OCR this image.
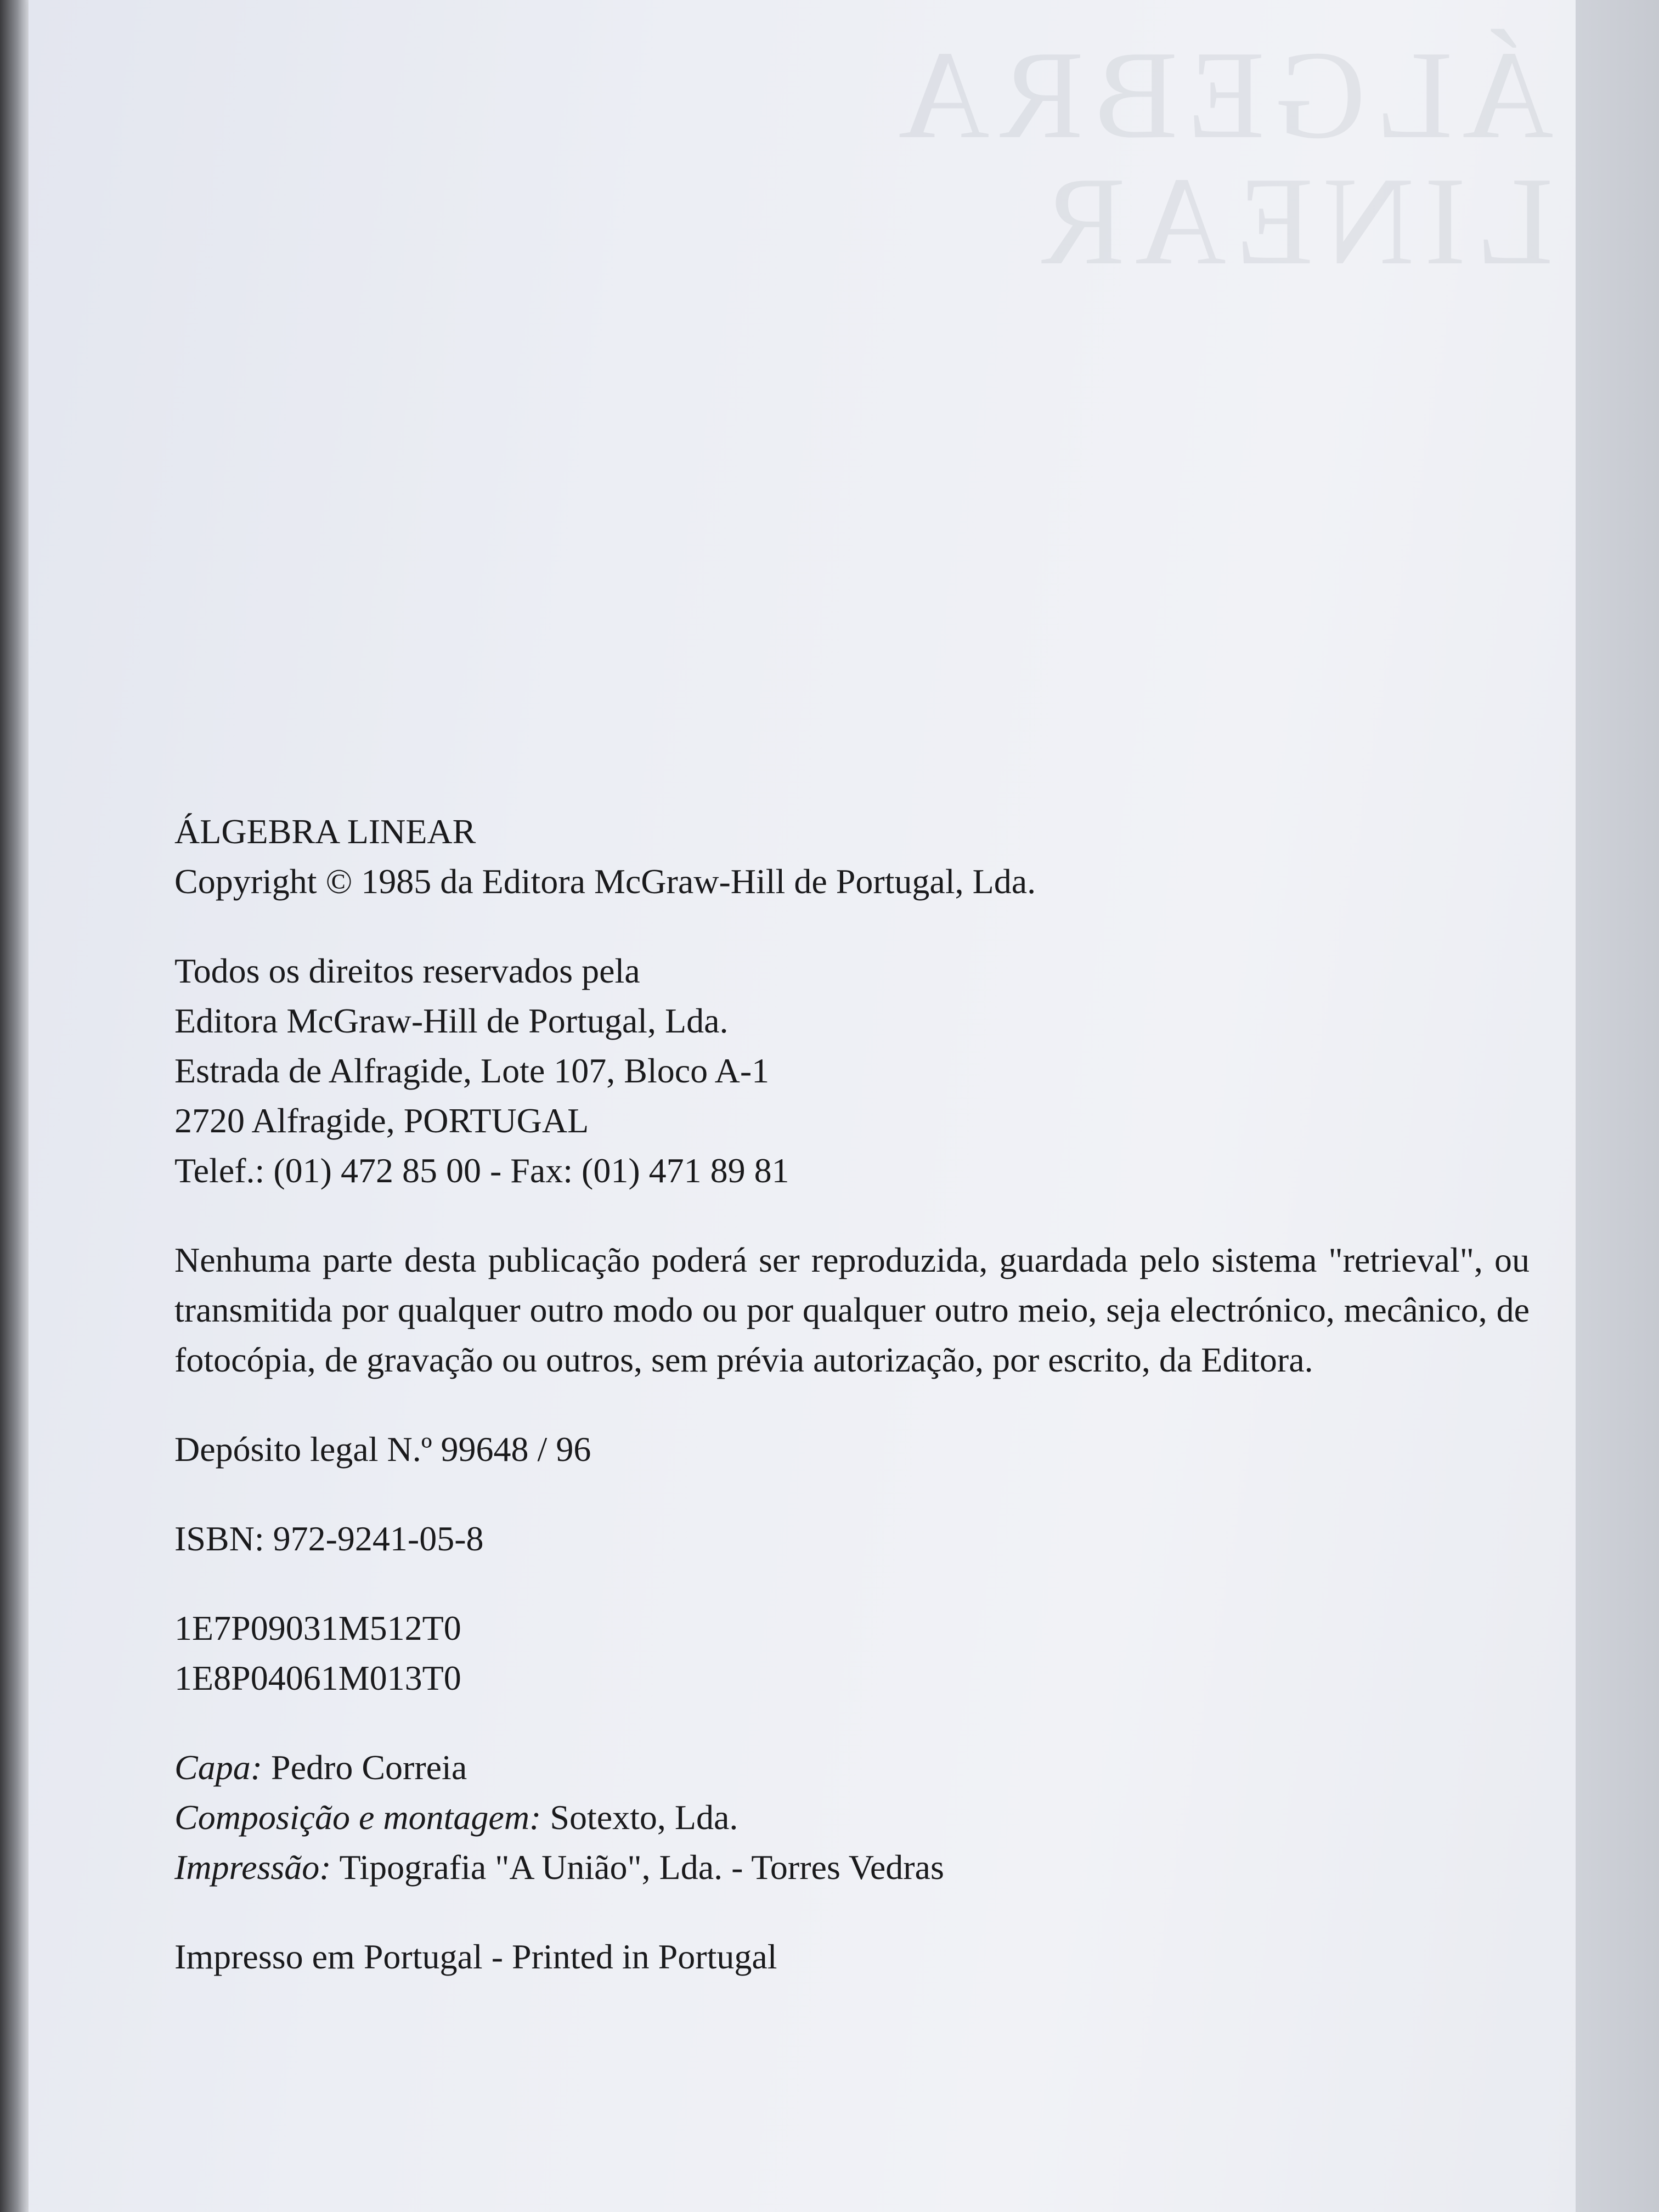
ÁLGEBRA
LINEAR

ÁLGEBRA LINEAR

Copyright © 1985 da Editora McGraw-Hill de Portugal, Lda.

Todos os direitos reservados pela
Editora McGraw-Hill de Portugal, Lda.
Estrada de Alfragide, Lote 107, Bloco A-1
2720 Alfragide, PORTUGAL
Telef.: (01) 472 85 00 - Fax: (01) 471 89 81

Nenhuma parte desta publicação poderá ser reproduzida, guardada pelo sistema "retrieval", ou transmitida por qualquer outro modo ou por qualquer outro meio, seja electrónico, mecânico, de fotocópia, de gravação ou outros, sem prévia autorização, por escrito, da Editora.

Depósito legal N.º 99648 / 96

ISBN: 972-9241-05-8

1E7P09031M512T0
1E8P04061M013T0

Capa: Pedro Correia
Composição e montagem: Sotexto, Lda.
Impressão: Tipografia "A União", Lda. - Torres Vedras

Impresso em Portugal - Printed in Portugal
